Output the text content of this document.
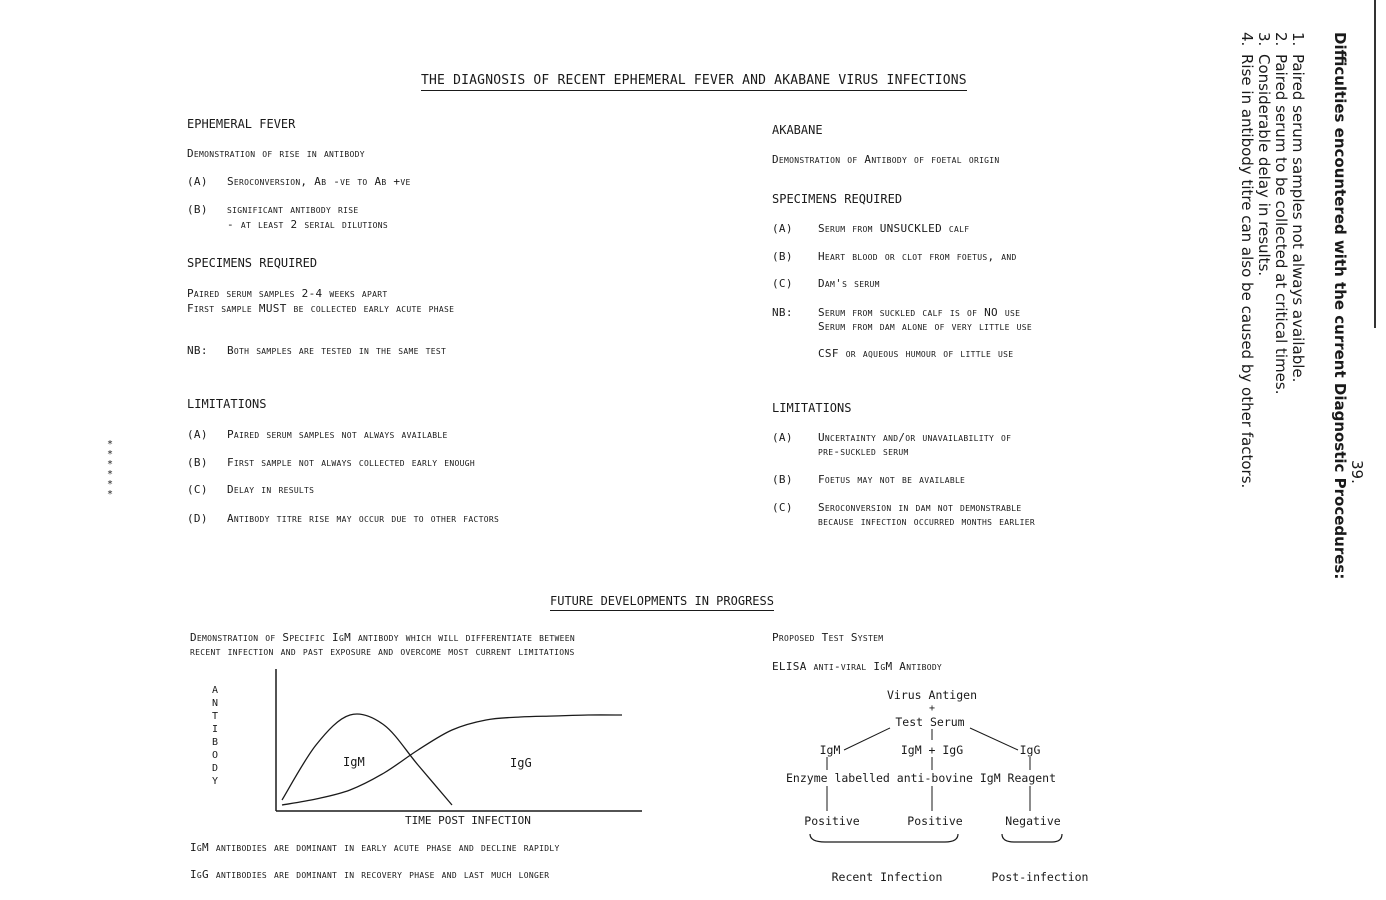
THE DIAGNOSIS OF RECENT EPHEMERAL FEVER AND AKABANE VIRUS INFECTIONS
EPHEMERAL FEVER
Demonstration of rise in antibody
(A) Seroconversion, Ab -ve to Ab +ve
(B) significant antibody rise
- at least 2 serial dilutions
SPECIMENS REQUIRED
Paired serum samples 2-4 weeks apart
First sample MUST be collected early acute phase
NB: Both samples are tested in the same test
LIMITATIONS
(A) Paired serum samples not always available
(B) First sample not always collected early enough
(C) Delay in results
(D) Antibody titre rise may occur due to other factors
AKABANE
Demonstration of Antibody of foetal origin
SPECIMENS REQUIRED
(A) Serum from UNSUCKLED calf
(B) Heart blood or clot from foetus, and
(C) Dam's serum
NB: Serum from suckled calf is of NO use
Serum from dam alone of very little use
CSF or aqueous humour of little use
LIMITATIONS
(A) Uncertainty and/or unavailability of
pre-suckled serum
(B) Foetus may not be available
(C) Seroconversion in dam not demonstrable
because infection occurred months earlier
FUTURE DEVELOPMENTS IN PROGRESS
Demonstration of Specific IgM antibody which will differentiate between
recent infection and past exposure and overcome most current limitations
A
N
T
I
B
O
D
Y
IgM	IgG
TIME POST INFECTION
IgM antibodies are dominant in early acute phase and decline rapidly
IgG antibodies are dominant in recovery phase and last much longer
Proposed Test System
ELISA anti-viral IgM Antibody
Virus Antigen
+
Test Serum
IgM	IgM + IgG	IgG
Enzyme labelled anti-bovine IgM Reagent
Positive	Positive	Negative
Recent Infection	Post-infection
******
39.
Difficulties encountered with the current Diagnostic Procedures:
1.Paired serum samples not always available.
2.Paired serum to be collected at critical times.
3.Considerable delay in results.
4.Rise in antibody titre can also be caused by other factors.
